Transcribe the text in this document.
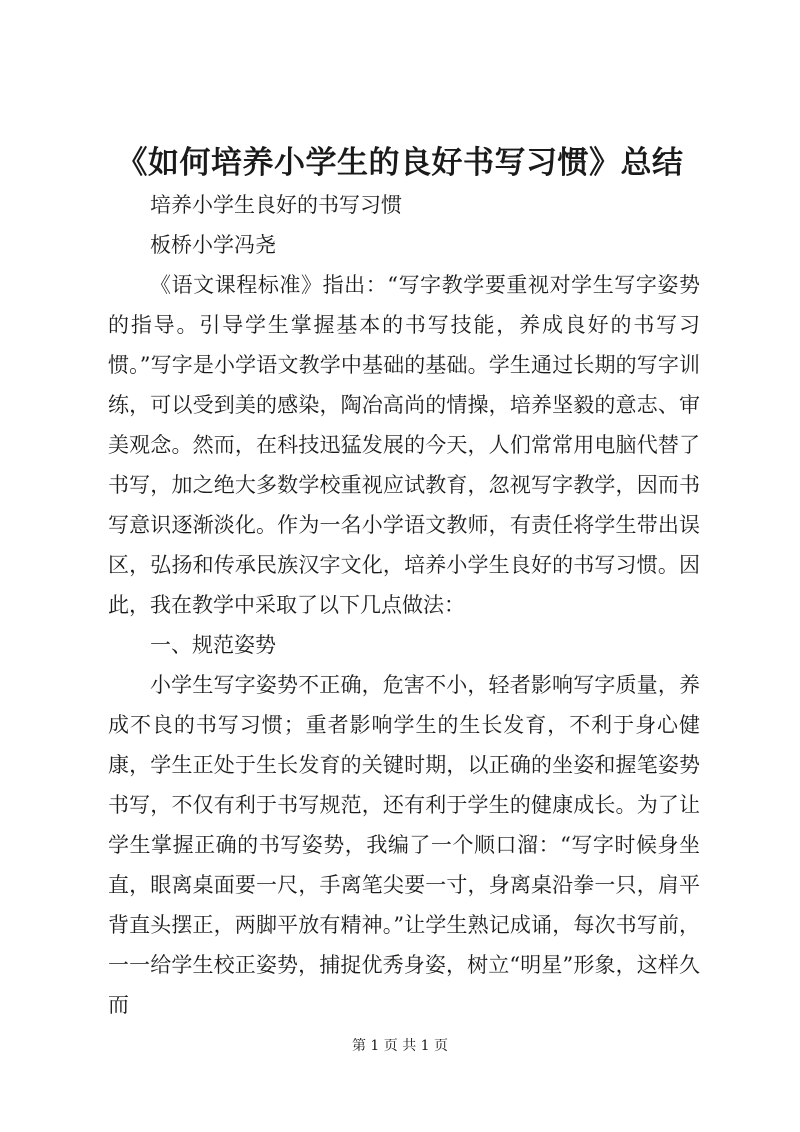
《如何培养小学生的良好书写习惯》总结

培养小学生良好的书写习惯

板桥小学冯尧

《语文课程标准》指出：“写字教学要重视对学生写字姿势的指导。引导学生掌握基本的书写技能，养成良好的书写习惯。”写字是小学语文教学中基础的基础。学生通过长期的写字训练，可以受到美的感染，陶冶高尚的情操，培养坚毅的意志、审美观念。然而，在科技迅猛发展的今天，人们常常用电脑代替了书写，加之绝大多数学校重视应试教育，忽视写字教学，因而书写意识逐渐淡化。作为一名小学语文教师，有责任将学生带出误区，弘扬和传承民族汉字文化，培养小学生良好的书写习惯。因此，我在教学中采取了以下几点做法：

一、规范姿势

小学生写字姿势不正确，危害不小，轻者影响写字质量，养成不良的书写习惯；重者影响学生的生长发育，不利于身心健康，学生正处于生长发育的关键时期，以正确的坐姿和握笔姿势书写，不仅有利于书写规范，还有利于学生的健康成长。为了让学生掌握正确的书写姿势，我编了一个顺口溜：“写字时候身坐直，眼离桌面要一尺，手离笔尖要一寸，身离桌沿拳一只，肩平背直头摆正，两脚平放有精神。”让学生熟记成诵，每次书写前，一一给学生校正姿势，捕捉优秀身姿，树立“明星”形象，这样久而

第 1 页 共 1 页
